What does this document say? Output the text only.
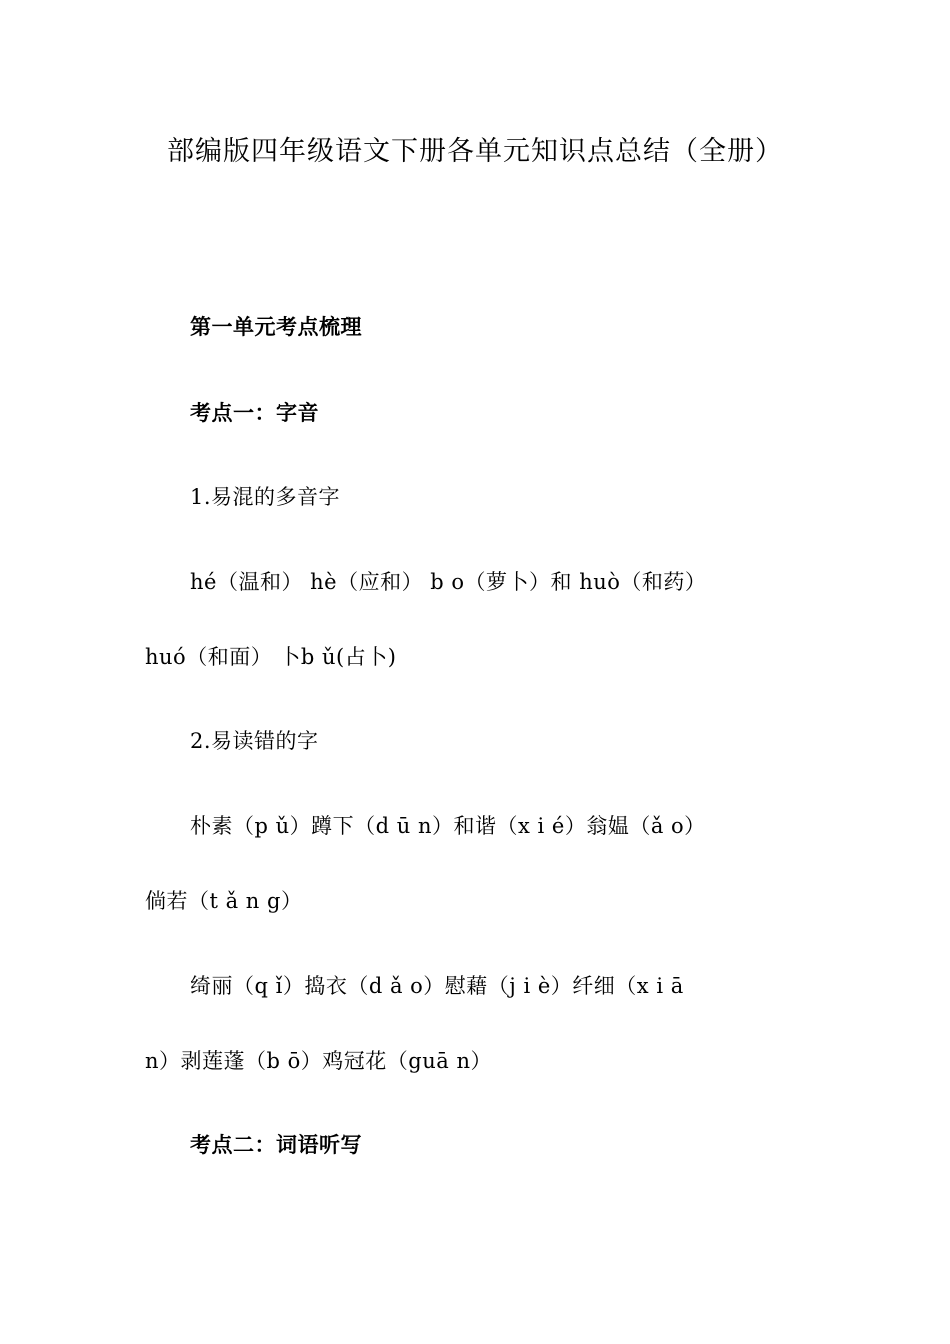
部编版四年级语文下册各单元知识点总结（全册）
第一单元考点梳理
考点一：字音
1.易混的多音字
hé（温和） hè（应和） b o（萝卜）和 huò（和药）
huó（和面） 卜b ǔ(占卜)
2.易读错的字
朴素（p ǔ）蹲下（d ū n）和谐（x i é）翁媪（ǎ o）
倘若（t ǎ n g）
绮丽（q ǐ）捣衣（d ǎ o）慰藉（j i è）纤细（x i ā
n）剥莲蓬（b ō）鸡冠花（guā n）
考点二：词语听写
